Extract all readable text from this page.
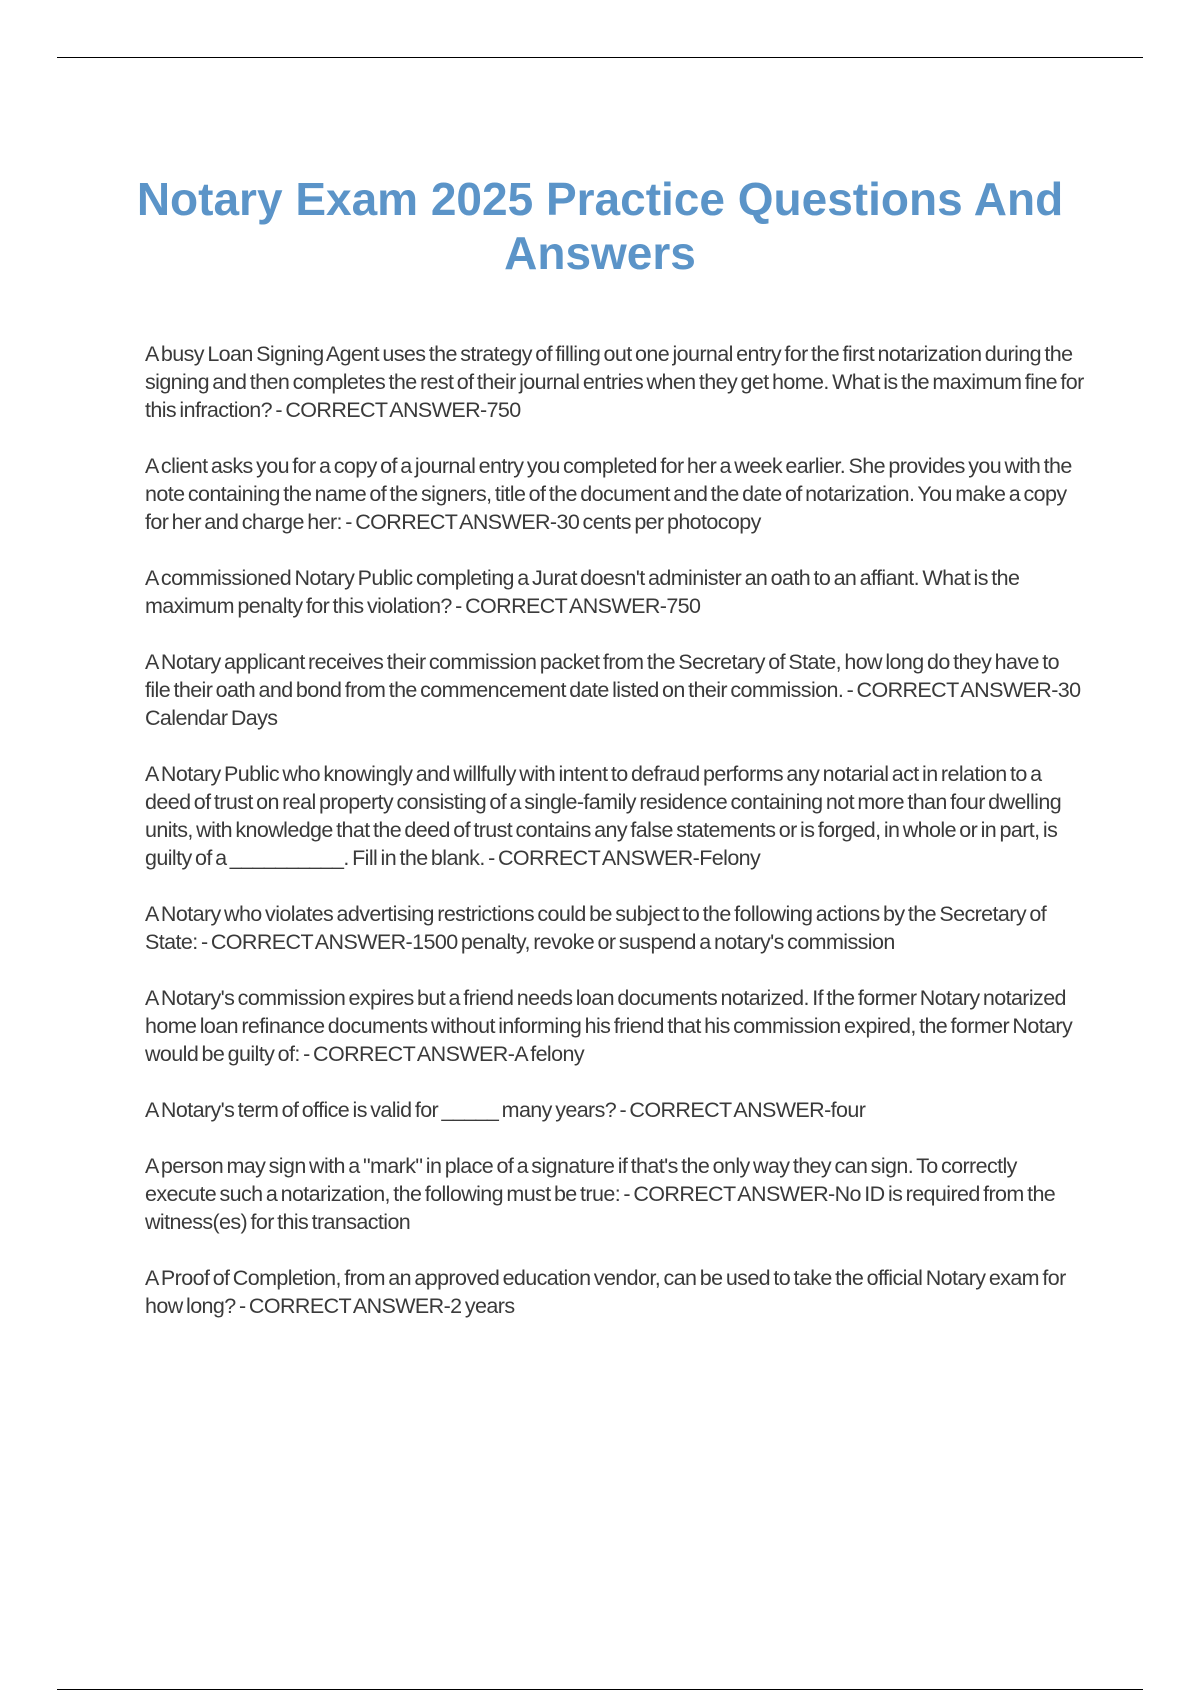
Notary Exam 2025 Practice Questions And Answers
A busy Loan Signing Agent uses the strategy of filling out one journal entry for the first notarization during the signing and then completes the rest of their journal entries when they get home. What is the maximum fine for this infraction? - CORRECT ANSWER-750
A client asks you for a copy of a journal entry you completed for her a week earlier. She provides you with the note containing the name of the signers, title of the document and the date of notarization. You make a copy for her and charge her: - CORRECT ANSWER-30 cents per photocopy
A commissioned Notary Public completing a Jurat doesn't administer an oath to an affiant. What is the maximum penalty for this violation? - CORRECT ANSWER-750
A Notary applicant receives their commission packet from the Secretary of State, how long do they have to file their oath and bond from the commencement date listed on their commission. - CORRECT ANSWER-30 Calendar Days
A Notary Public who knowingly and willfully with intent to defraud performs any notarial act in relation to a deed of trust on real property consisting of a single-family residence containing not more than four dwelling units, with knowledge that the deed of trust contains any false statements or is forged, in whole or in part, is guilty of a __________. Fill in the blank. - CORRECT ANSWER-Felony
A Notary who violates advertising restrictions could be subject to the following actions by the Secretary of State: - CORRECT ANSWER-1500 penalty, revoke or suspend a notary's commission
A Notary's commission expires but a friend needs loan documents notarized. If the former Notary notarized home loan refinance documents without informing his friend that his commission expired, the former Notary would be guilty of: - CORRECT ANSWER-A felony
A Notary's term of office is valid for _____ many years? - CORRECT ANSWER-four
A person may sign with a "mark" in place of a signature if that's the only way they can sign. To correctly execute such a notarization, the following must be true: - CORRECT ANSWER-No ID is required from the witness(es) for this transaction
A Proof of Completion, from an approved education vendor, can be used to take the official Notary exam for how long? - CORRECT ANSWER-2 years
